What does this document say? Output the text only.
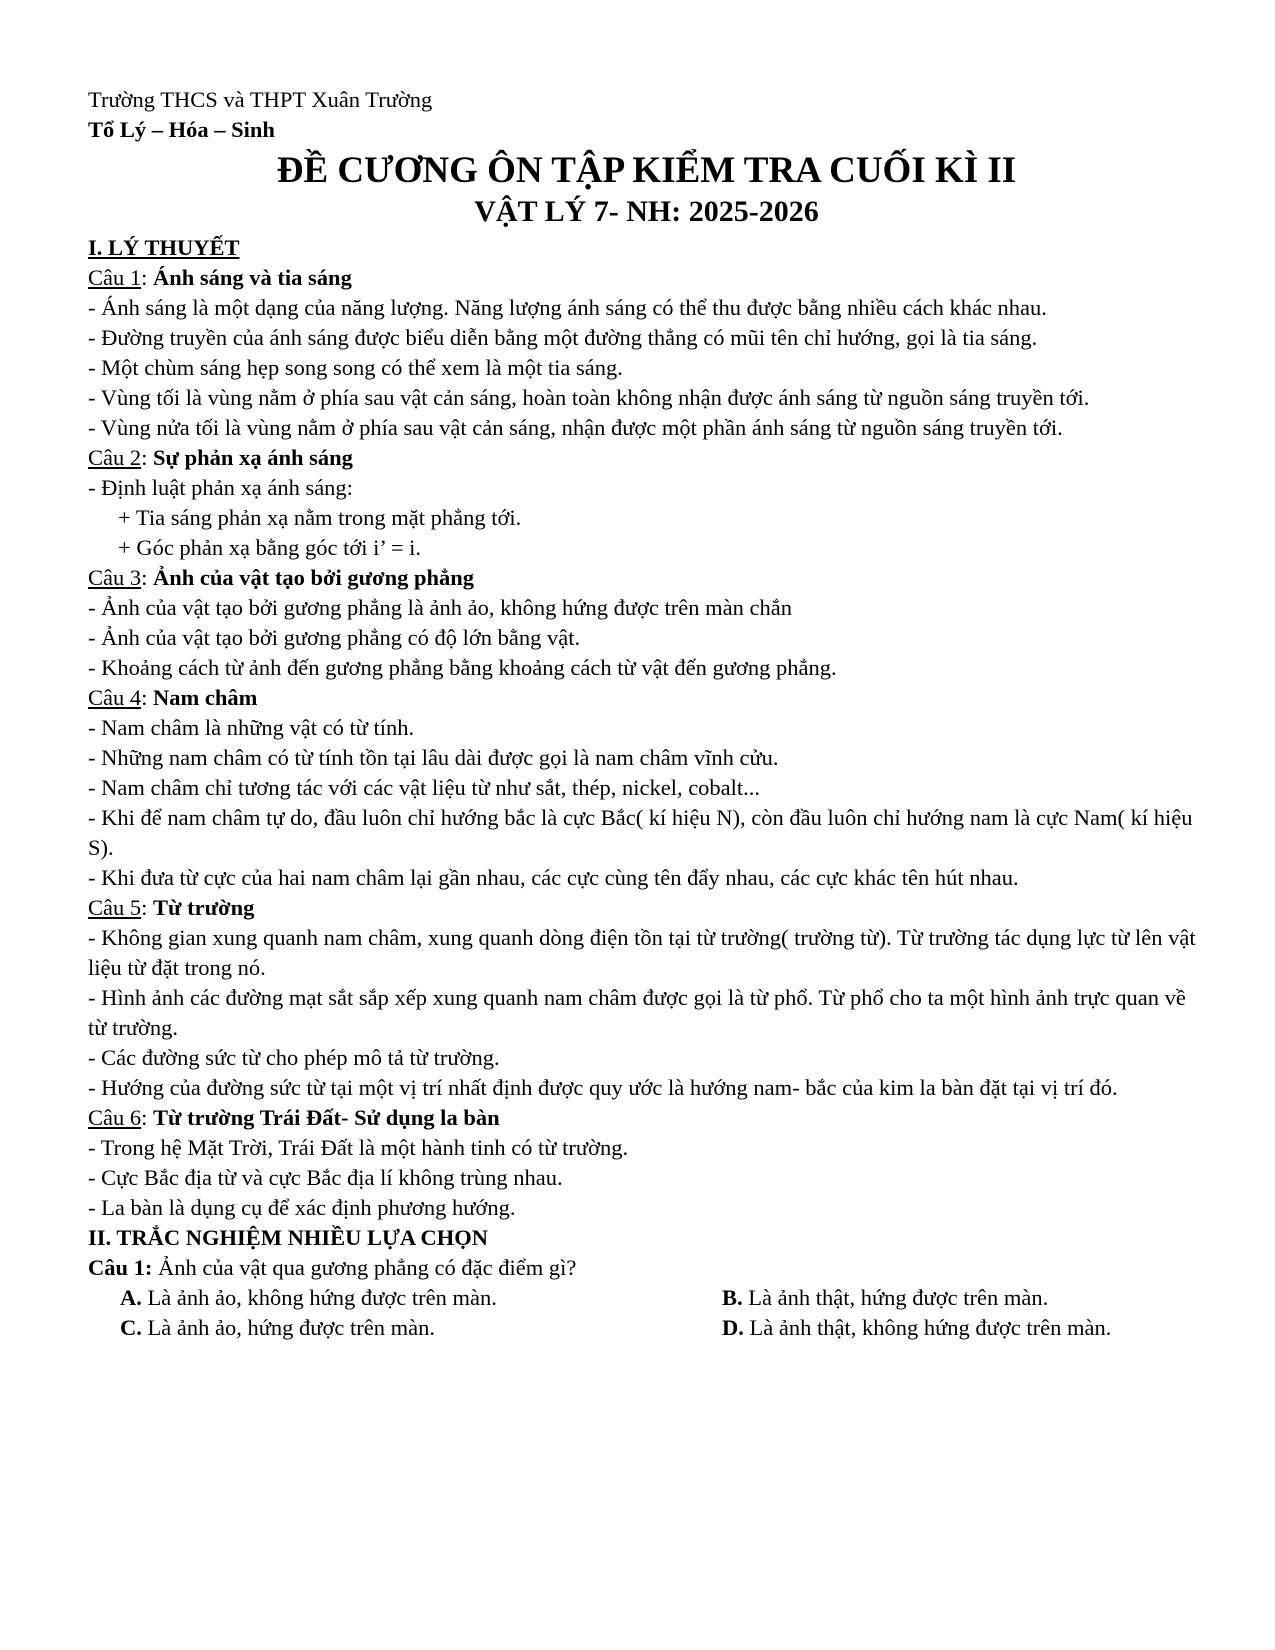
Trường THCS và THPT Xuân Trường

Tổ Lý – Hóa – Sinh

ĐỀ CƯƠNG ÔN TẬP KIỂM TRA CUỐI KÌ II

VẬT LÝ 7- NH: 2025-2026

I. LÝ THUYẾT

Câu 1: Ánh sáng và tia sáng

- Ánh sáng là một dạng của năng lượng. Năng lượng ánh sáng có thể thu được bằng nhiều cách khác nhau.

- Đường truyền của ánh sáng được biểu diễn bằng một đường thẳng có mũi tên chỉ hướng, gọi là tia sáng.

- Một chùm sáng hẹp song song có thể xem là một tia sáng.

- Vùng tối là vùng nằm ở phía sau vật cản sáng, hoàn toàn không nhận được ánh sáng từ nguồn sáng truyền tới.

- Vùng nửa tối là vùng nằm ở phía sau vật cản sáng, nhận được một phần ánh sáng từ nguồn sáng truyền tới.

Câu 2: Sự phản xạ ánh sáng

- Định luật phản xạ ánh sáng:

+ Tia sáng phản xạ nằm trong mặt phẳng tới.

+ Góc phản xạ bằng góc tới i’ = i.

Câu 3: Ảnh của vật tạo bởi gương phẳng

- Ảnh của vật tạo bởi gương phẳng là ảnh ảo, không hứng được trên màn chắn

- Ảnh của vật tạo bởi gương phẳng có độ lớn bằng vật.

- Khoảng cách từ ảnh đến gương phẳng bằng khoảng cách từ vật đến gương phẳng.

Câu 4: Nam châm

- Nam châm là những vật có từ tính.

- Những nam châm có từ tính tồn tại lâu dài được gọi là nam châm vĩnh cửu.

- Nam châm chỉ tương tác với các vật liệu từ như sắt, thép, nickel, cobalt...

- Khi để nam châm tự do, đầu luôn chỉ hướng bắc là cực Bắc( kí hiệu N), còn đầu luôn chỉ hướng nam là cực Nam( kí hiệu S).

- Khi đưa từ cực của hai nam châm lại gần nhau, các cực cùng tên đẩy nhau, các cực khác tên hút nhau.

Câu 5: Từ trường

- Không gian xung quanh nam châm, xung quanh dòng điện tồn tại từ trường( trường từ). Từ trường tác dụng lực từ lên vật liệu từ đặt trong nó.

- Hình ảnh các đường mạt sắt sắp xếp xung quanh nam châm được gọi là từ phổ. Từ phổ cho ta một hình ảnh trực quan về từ trường.

- Các đường sức từ cho phép mô tả từ trường.

- Hướng của đường sức từ tại một vị trí nhất định được quy ước là hướng nam- bắc của kim la bàn đặt tại vị trí đó.

Câu 6: Từ trường Trái Đất- Sử dụng la bàn

- Trong hệ Mặt Trời, Trái Đất là một hành tinh có từ trường.

- Cực Bắc địa từ và cực Bắc địa lí không trùng nhau.

- La bàn là dụng cụ để xác định phương hướng.

II. TRẮC NGHIỆM NHIỀU LỰA CHỌN

Câu 1: Ảnh của vật qua gương phẳng có đặc điểm gì?

A. Là ảnh ảo, không hứng được trên màn.	B. Là ảnh thật, hứng được trên màn.

C. Là ảnh ảo, hứng được trên màn.	D. Là ảnh thật, không hứng được trên màn.
